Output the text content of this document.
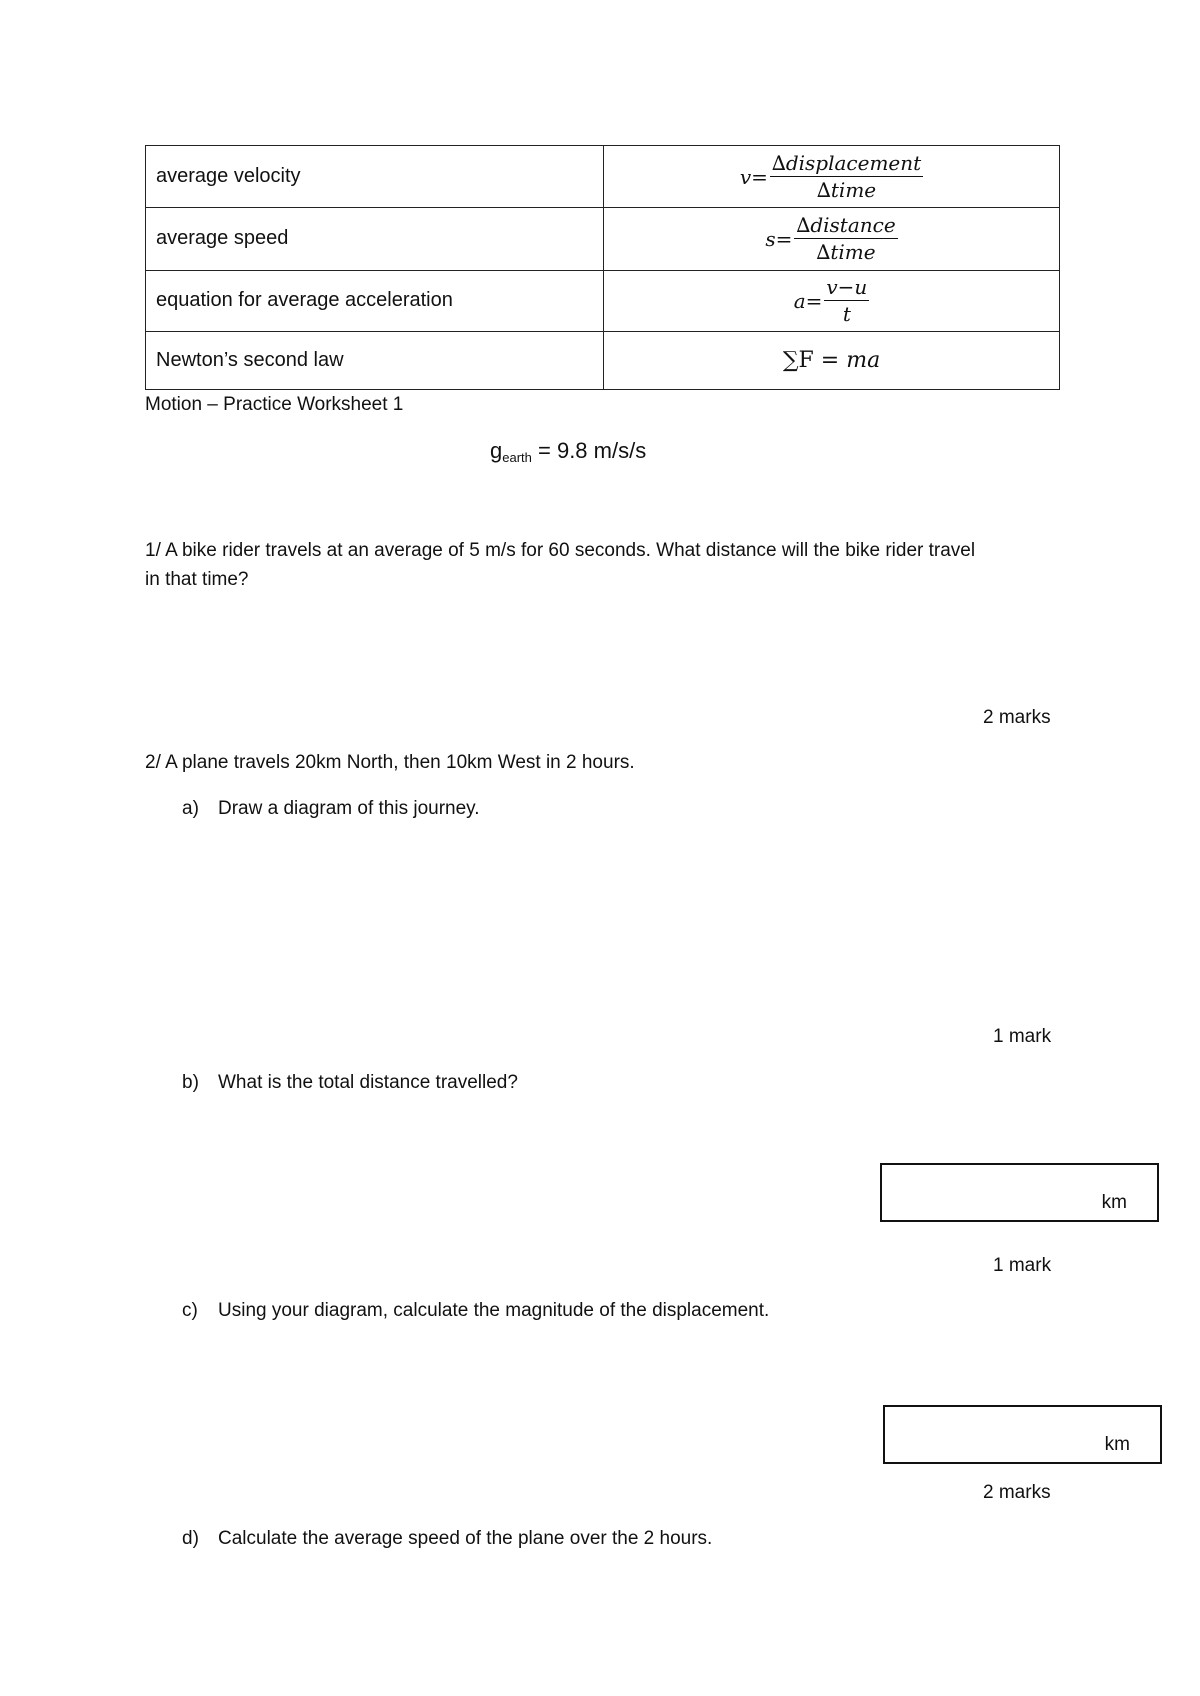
average velocity	$v= \frac{\text{∆displacement}}{\text{∆time}}$

average speed	$s= \frac{\text{∆distance}}{\text{∆time}}$

equation for average acceleration	$a= \frac{v-u}{t}$

Newton’s second law	∑F = ma
Motion – Practice Worksheet 1
$g_{earth} = 9.8$ m/s/s
1/ A bike rider travels at an average of 5 m/s for 60 seconds. What distance will the bike rider travel
in that time?
2 marks
2/ A plane travels 20km North, then 10km West in 2 hours.
a) Draw a diagram of this journey.
1 mark
b) What is the total distance travelled?
km
1 mark
c) Using your diagram, calculate the magnitude of the displacement.
km
2 marks
d) Calculate the average speed of the plane over the 2 hours.
